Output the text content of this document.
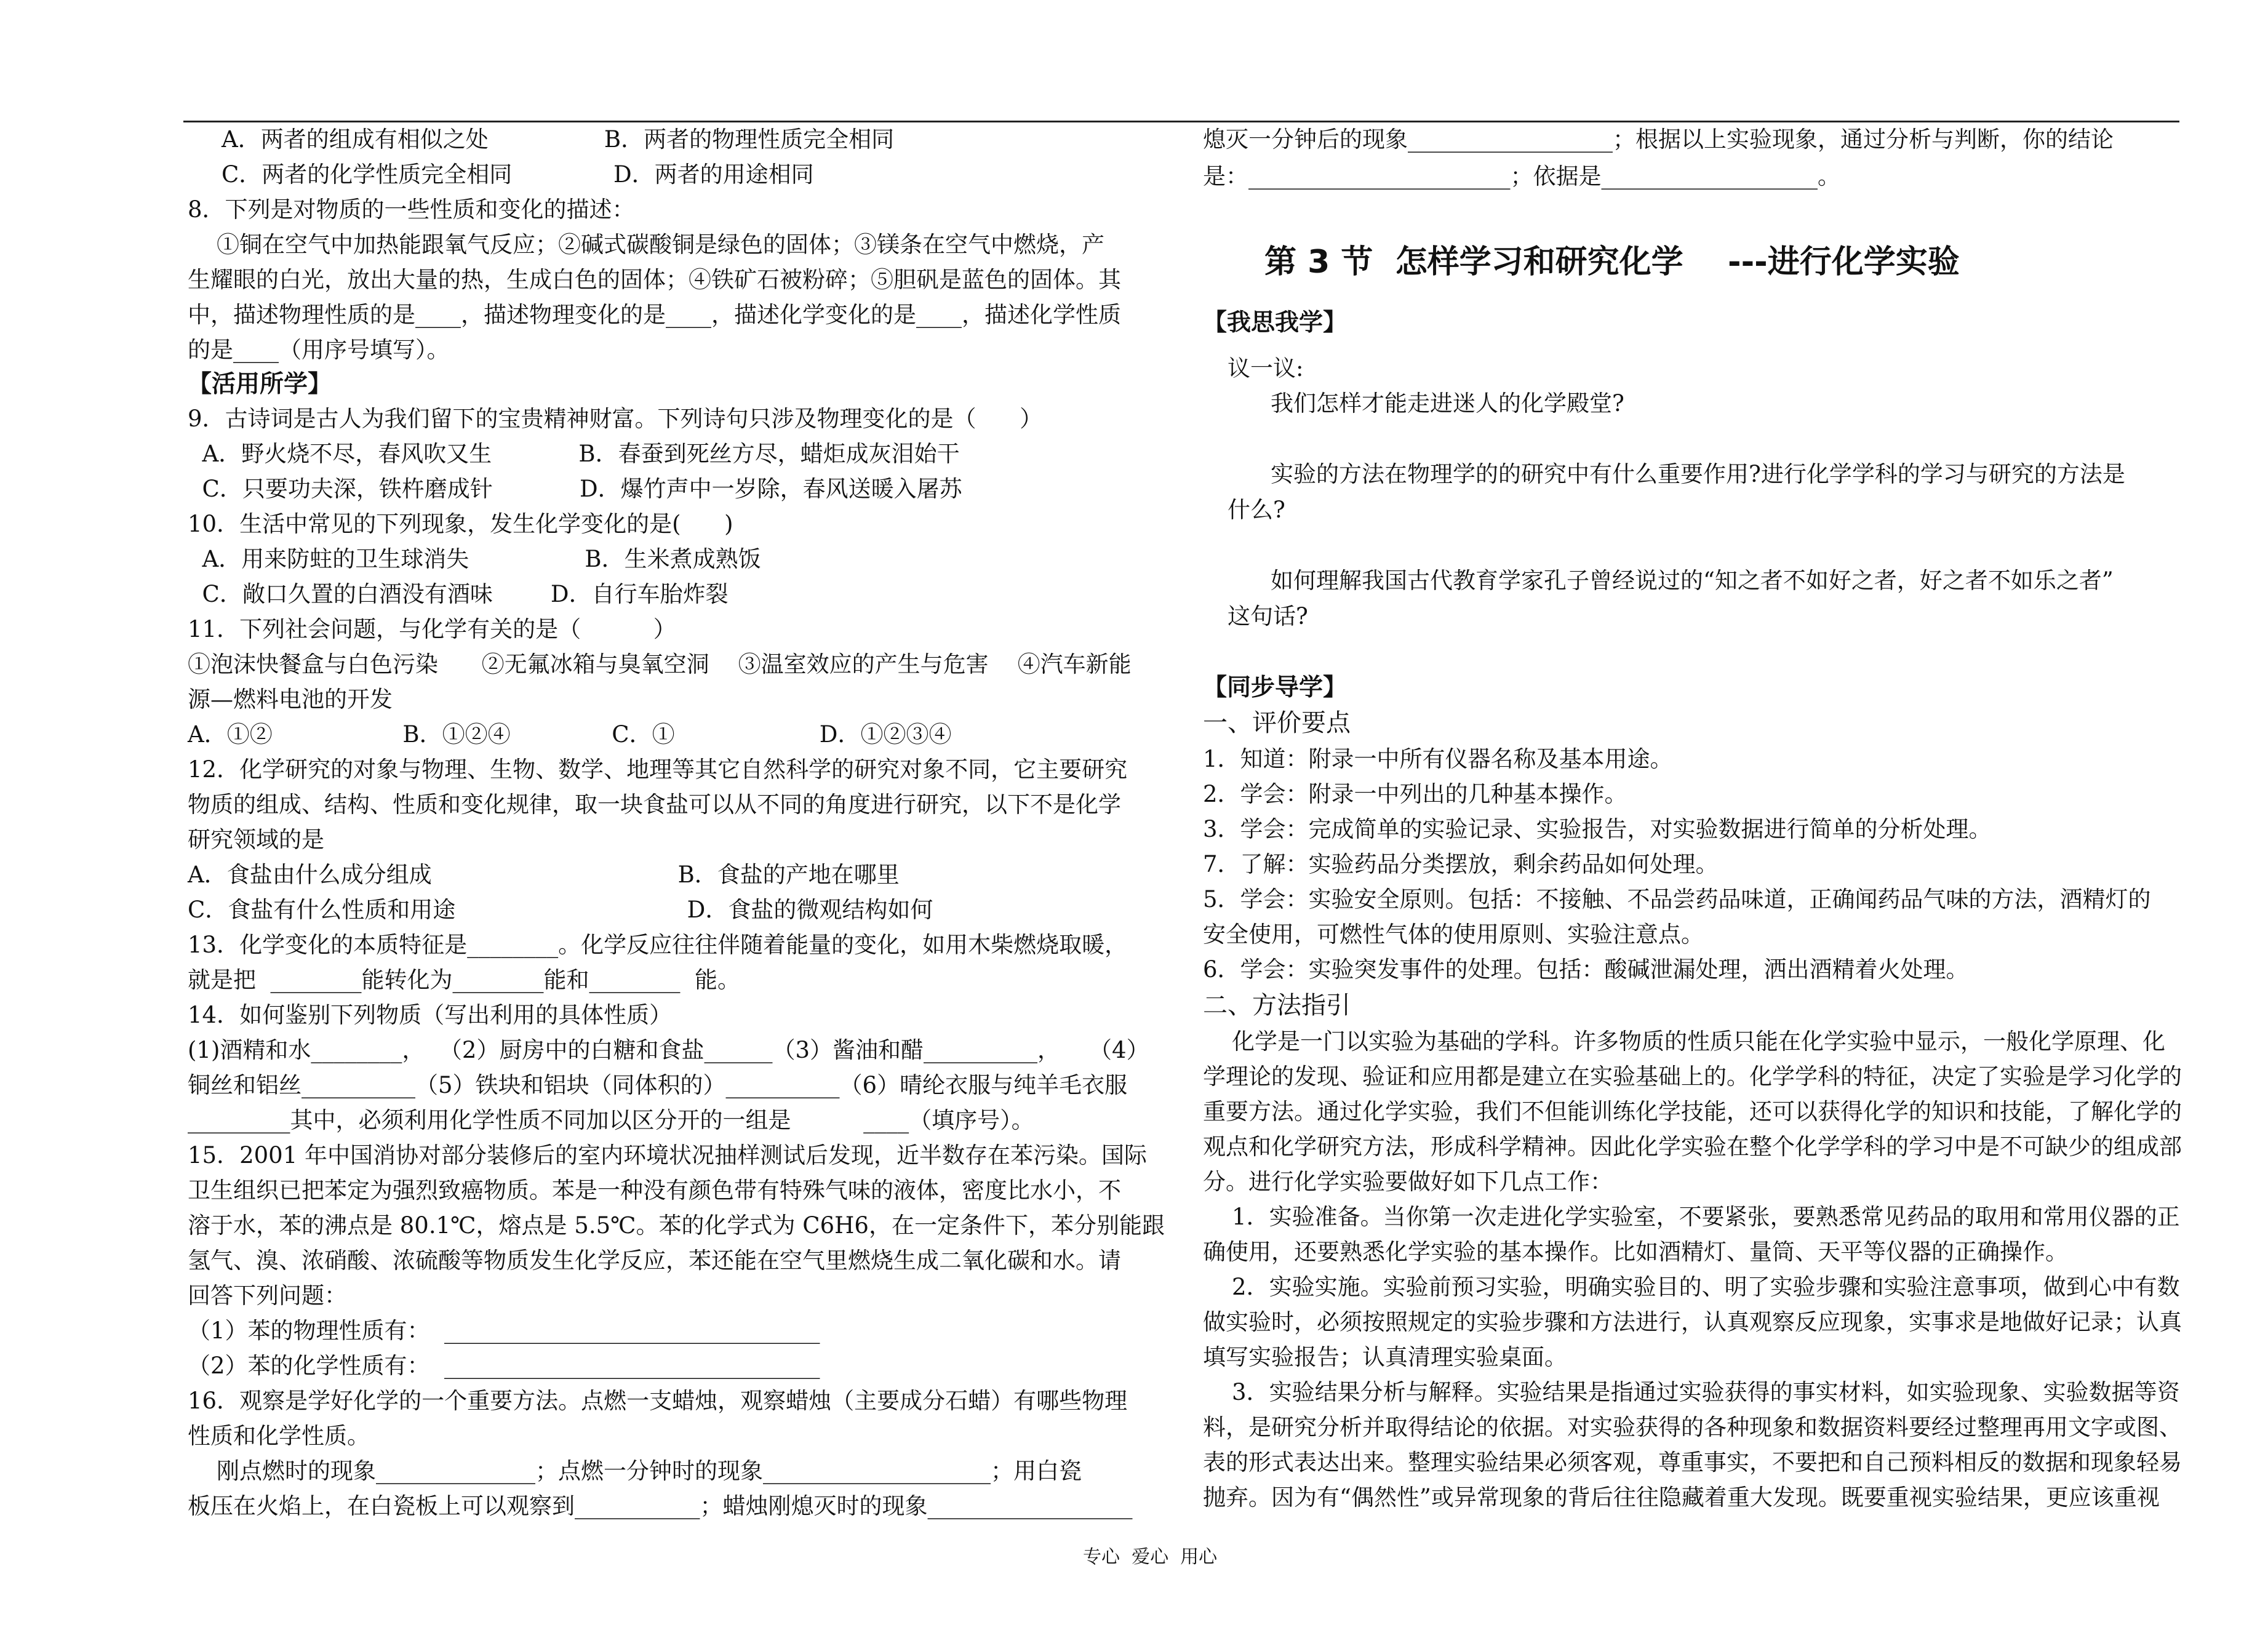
A．两者的组成有相似之处                B．两者的物理性质完全相同
C．两者的化学性质完全相同              D．两者的用途相同
8．下列是对物质的一些性质和变化的描述：
①铜在空气中加热能跟氧气反应；②碱式碳酸铜是绿色的固体；③镁条在空气中燃烧，产
生耀眼的白光，放出大量的热，生成白色的固体；④铁矿石被粉碎；⑤胆矾是蓝色的固体。其
中，描述物理性质的是____，描述物理变化的是____，描述化学变化的是____，描述化学性质
的是____（用序号填写）。
【活用所学】
9．古诗词是古人为我们留下的宝贵精神财富。下列诗句只涉及物理变化的是（      ）
A．野火烧不尽，春风吹又生            B．春蚕到死丝方尽，蜡炬成灰泪始干
C．只要功夫深，铁杵磨成针            D．爆竹声中一岁除，春风送暖入屠苏
10．生活中常见的下列现象，发生化学变化的是(      )
A．用来防蛀的卫生球消失                B．生米煮成熟饭
C．敞口久置的白酒没有酒味        D．自行车胎炸裂
11．下列社会问题，与化学有关的是（          ）
①泡沫快餐盒与白色污染      ②无氟冰箱与臭氧空洞    ③温室效应的产生与危害    ④汽车新能
源—燃料电池的开发
A．①②                  B．①②④              C．①                    D．①②③④
12．化学研究的对象与物理、生物、数学、地理等其它自然科学的研究对象不同，它主要研究
物质的组成、结构、性质和变化规律，取一块食盐可以从不同的角度进行研究，以下不是化学
研究领域的是
A．食盐由什么成分组成                                  B．食盐的产地在哪里
C．食盐有什么性质和用途                                D．食盐的微观结构如何
13．化学变化的本质特征是________。化学反应往往伴随着能量的变化，如用木柴燃烧取暖，
就是把  ________能转化为________能和________  能。
14．如何鉴别下列物质（写出利用的具体性质）
(1)酒精和水________，  （2）厨房中的白糖和食盐______（3）酱油和醋__________，    （4）
铜丝和铝丝__________（5）铁块和铝块（同体积的）__________（6）晴纶衣服与纯羊毛衣服
_________其中，必须利用化学性质不同加以区分开的一组是          ____（填序号）。
15．2001 年中国消协对部分装修后的室内环境状况抽样测试后发现，近半数存在苯污染。国际
卫生组织已把苯定为强烈致癌物质。苯是一种没有颜色带有特殊气味的液体，密度比水小，不
溶于水，苯的沸点是 80.1℃，熔点是 5.5℃。苯的化学式为 C6H6，在一定条件下，苯分别能跟
氢气、溴、浓硝酸、浓硫酸等物质发生化学反应，苯还能在空气里燃烧生成二氧化碳和水。请
回答下列问题：
（1）苯的物理性质有：  _________________________________
（2）苯的化学性质有：  _________________________________
16．观察是学好化学的一个重要方法。点燃一支蜡烛，观察蜡烛（主要成分石蜡）有哪些物理
性质和化学性质。
刚点燃时的现象______________；点燃一分钟时的现象____________________；用白瓷
板压在火焰上，在白瓷板上可以观察到___________；蜡烛刚熄灭时的现象__________________
熄灭一分钟后的现象__________________；根据以上实验现象，通过分析与判断，你的结论
是：_______________________；依据是___________________。
第 3 节  怎样学习和研究化学    ---进行化学实验
【我思我学】
议一议:
我们怎样才能走进迷人的化学殿堂?
实验的方法在物理学的的研究中有什么重要作用?进行化学学科的学习与研究的方法是
什么?
如何理解我国古代教育学家孔子曾经说过的“知之者不如好之者，好之者不如乐之者”
这句话?
【同步导学】
一、评价要点
1．知道：附录一中所有仪器名称及基本用途。
2．学会：附录一中列出的几种基本操作。
3．学会：完成简单的实验记录、实验报告，对实验数据进行简单的分析处理。
7．了解：实验药品分类摆放，剩余药品如何处理。
5．学会：实验安全原则。包括：不接触、不品尝药品味道，正确闻药品气味的方法，酒精灯的
安全使用，可燃性气体的使用原则、实验注意点。
6．学会：实验突发事件的处理。包括：酸碱泄漏处理，洒出酒精着火处理。
二、方法指引
化学是一门以实验为基础的学科。许多物质的性质只能在化学实验中显示，一般化学原理、化
学理论的发现、验证和应用都是建立在实验基础上的。化学学科的特征，决定了实验是学习化学的
重要方法。通过化学实验，我们不但能训练化学技能，还可以获得化学的知识和技能，了解化学的
观点和化学研究方法，形成科学精神。因此化学实验在整个化学学科的学习中是不可缺少的组成部
分。进行化学实验要做好如下几点工作：
1．实验准备。当你第一次走进化学实验室，不要紧张，要熟悉常见药品的取用和常用仪器的正
确使用，还要熟悉化学实验的基本操作。比如酒精灯、量筒、天平等仪器的正确操作。
2．实验实施。实验前预习实验，明确实验目的、明了实验步骤和实验注意事项，做到心中有数
做实验时，必须按照规定的实验步骤和方法进行，认真观察反应现象，实事求是地做好记录；认真
填写实验报告；认真清理实验桌面。
3．实验结果分析与解释。实验结果是指通过实验获得的事实材料，如实验现象、实验数据等资
料，是研究分析并取得结论的依据。对实验获得的各种现象和数据资料要经过整理再用文字或图、
表的形式表达出来。整理实验结果必须客观，尊重事实，不要把和自己预料相反的数据和现象轻易
抛弃。因为有“偶然性”或异常现象的背后往往隐藏着重大发现。既要重视实验结果，更应该重视
专心  爱心  用心
